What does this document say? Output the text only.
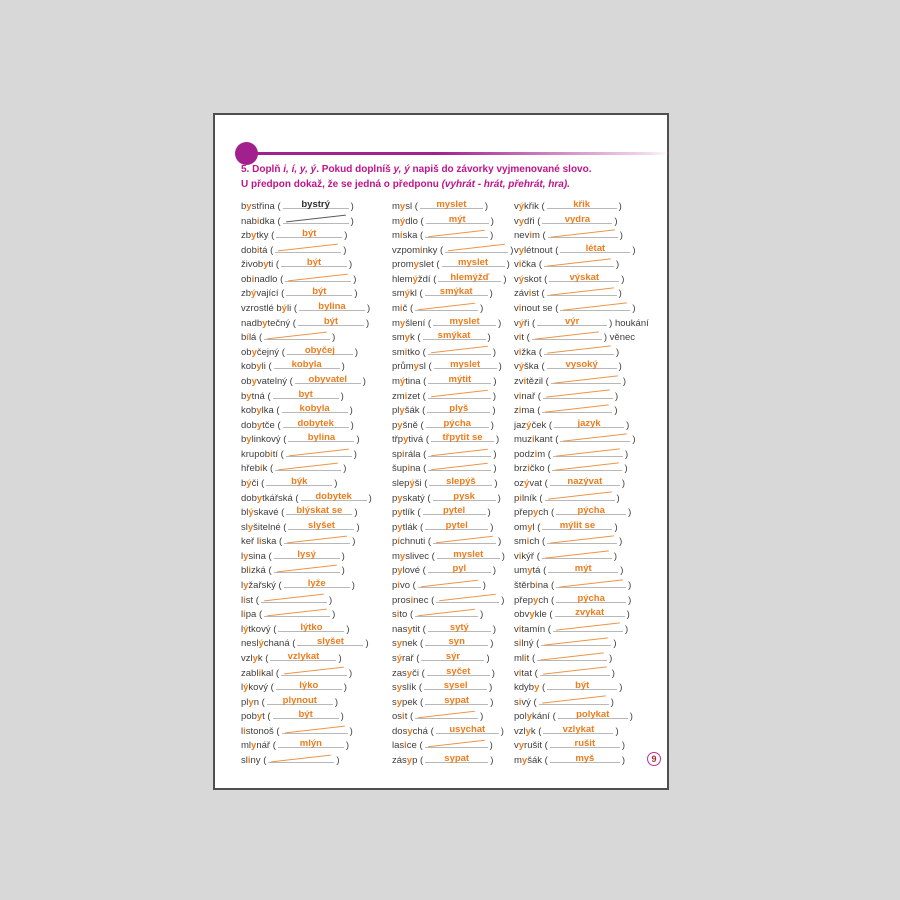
5. Doplň i, í, y, ý. Pokud doplníš y, ý napiš do závorky vyjmenované slovo.
U předpon dokaž, že se jedná o předponu (vyhrát - hrát, přehrát, hra).
bystřina (	bystrý	)
nabidka (	)
zbytky (	být	)
dobitá (	)
živobyti (	být	)
obinadlo (	)
zbývající (	být	)
vzrostlé býli (	bylina	)
nadbytečný (	být	)
bílá (	)
obyčejný (	obyčej	)
kobyli (	kobyla	)
obyvatelný (	obyvatel	)
bytná (	byt	)
kobylka (	kobyla	)
dobytče (	dobytek	)
bylinkový (	bylina	)
krupobití (	)
hřebik (	)
býči (	býk	)
dobytkářská (	dobytek	)
blýskavé (	blýskat se	)
slyšitelné (	slyšet	)
keř liska (	)
lysina (	lysý	)
blizká (	)
lyžařský (	lyže	)
list (	)
lipa (	)
lýtkový (	lýtko	)
neslýchaná (	slyšet	)
vzlyk (	vzlykat	)
zablikal (	)
lýkový (	lýko	)
plyn (	plynout	)
pobyt (	být	)
listonoš (	)
mlynář (	mlýn	)
sliny (	)
mysl (	myslet	)
mýdlo (	mýt	)
miska (	)
vzpominky (	)
promyslet (	myslet	)
hlemýždí (	hlemýžď	)
smýkl (	smýkat	)
mič (	)
myšlení (	myslet	)
smyk (	smýkat	)
smitko (	)
průmysl (	myslet	)
mýtina (	mýtit	)
zmizet (	)
plyšák (	plyš	)
pyšně (	pýcha	)
třpytivá (	třpytit se	)
spirála (	)
šupina (	)
slepýši (	slepýš	)
pyskatý (	pysk	)
pytlík (	pytel	)
pytlák (	pytel	)
píchnuti (	)
myslivec (	myslet	)
pylové (	pyl	)
pivo (	)
prosinec (	)
sito (	)
nasytit (	sytý	)
synek (	syn	)
sýrař (	sýr	)
zasyči (	syčet	)
syslík (	sysel	)
sypek (	sypat	)
osit (	)
dosychá (	usychat	)
lasice (	)
zásyp (	sypat	)
výkřik (	křik	)
vydři (	vydra	)
nevim (	)
vylétnout (	létat	)
vička (	)
výskot (	výskat	)
závist (	)
vinout se (	)
výři (	výr	) houkání
vit (	) věnec
vižka (	)
výška (	vysoký	)
zvitězil (	)
vinař (	)
zima (	)
jazýček (	jazyk	)
muzikant (	)
podzim (	)
brzičko (	)
ozývat (	nazývat	)
pilník (	)
přepych (	pýcha	)
omyl (	mýlit se	)
smich (	)
vikýř (	)
umytá (	mýt	)
štěrbina (	)
přepych (	pýcha	)
obvykle (	zvykat	)
vitamín (	)
silný (	)
mlit (	)
vitat (	)
kdyby (	být	)
sivý (	)
polykání (	polykat	)
vzlyk (	vzlykat	)
vyrušit (	rušit	)
myšák (	myš	)	9
